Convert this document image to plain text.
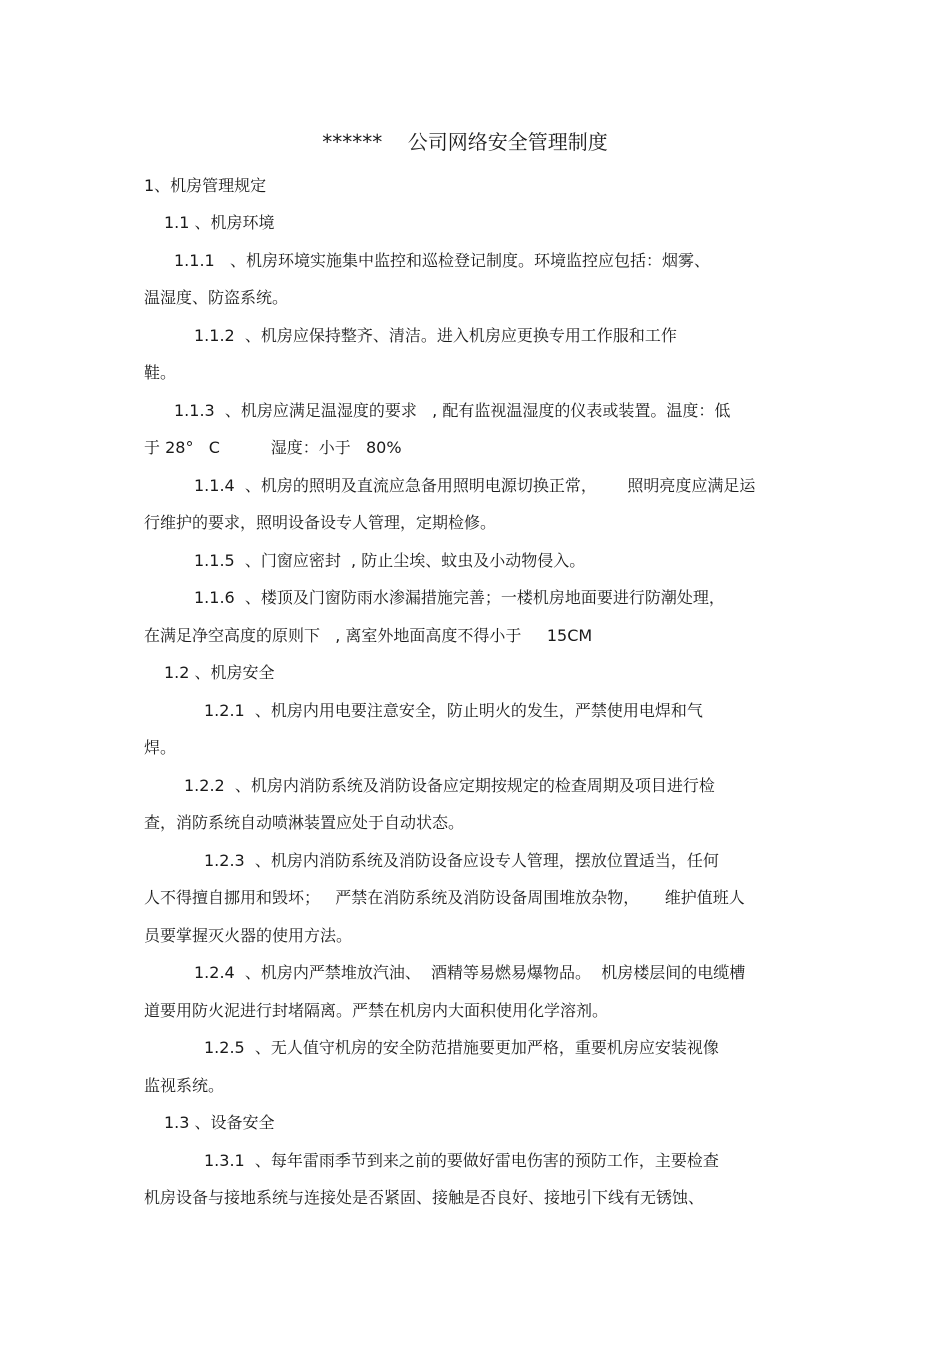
******    公司网络安全管理制度
1、机房管理规定
1.1 、机房环境
1.1.1   、机房环境实施集中监控和巡检登记制度。环境监控应包括：烟雾、
温湿度、防盗系统。
1.1.2  、机房应保持整齐、清洁。进入机房应更换专用工作服和工作
鞋。
1.1.3  、机房应满足温湿度的要求   , 配有监视温湿度的仪表或装置。温度：低
于 28°   C          湿度：小于   80%
1.1.4  、机房的照明及直流应急备用照明电源切换正常，      照明亮度应满足运
行维护的要求，照明设备设专人管理，定期检修。
1.1.5  、门窗应密封  , 防止尘埃、蚊虫及小动物侵入。
1.1.6  、楼顶及门窗防雨水渗漏措施完善；一楼机房地面要进行防潮处理，
在满足净空高度的原则下   , 离室外地面高度不得小于     15CM
1.2 、机房安全
1.2.1  、机房内用电要注意安全，防止明火的发生，严禁使用电焊和气
焊。
1.2.2  、机房内消防系统及消防设备应定期按规定的检查周期及项目进行检
查，消防系统自动喷淋装置应处于自动状态。
1.2.3  、机房内消防系统及消防设备应设专人管理，摆放位置适当，任何
人不得擅自挪用和毁坏；   严禁在消防系统及消防设备周围堆放杂物，     维护值班人
员要掌握灭火器的使用方法。
1.2.4  、机房内严禁堆放汽油、  酒精等易燃易爆物品。  机房楼层间的电缆槽
道要用防火泥进行封堵隔离。严禁在机房内大面积使用化学溶剂。
1.2.5  、无人值守机房的安全防范措施要更加严格，重要机房应安装视像
监视系统。
1.3 、设备安全
1.3.1  、每年雷雨季节到来之前的要做好雷电伤害的预防工作，主要检查
机房设备与接地系统与连接处是否紧固、接触是否良好、接地引下线有无锈蚀、
